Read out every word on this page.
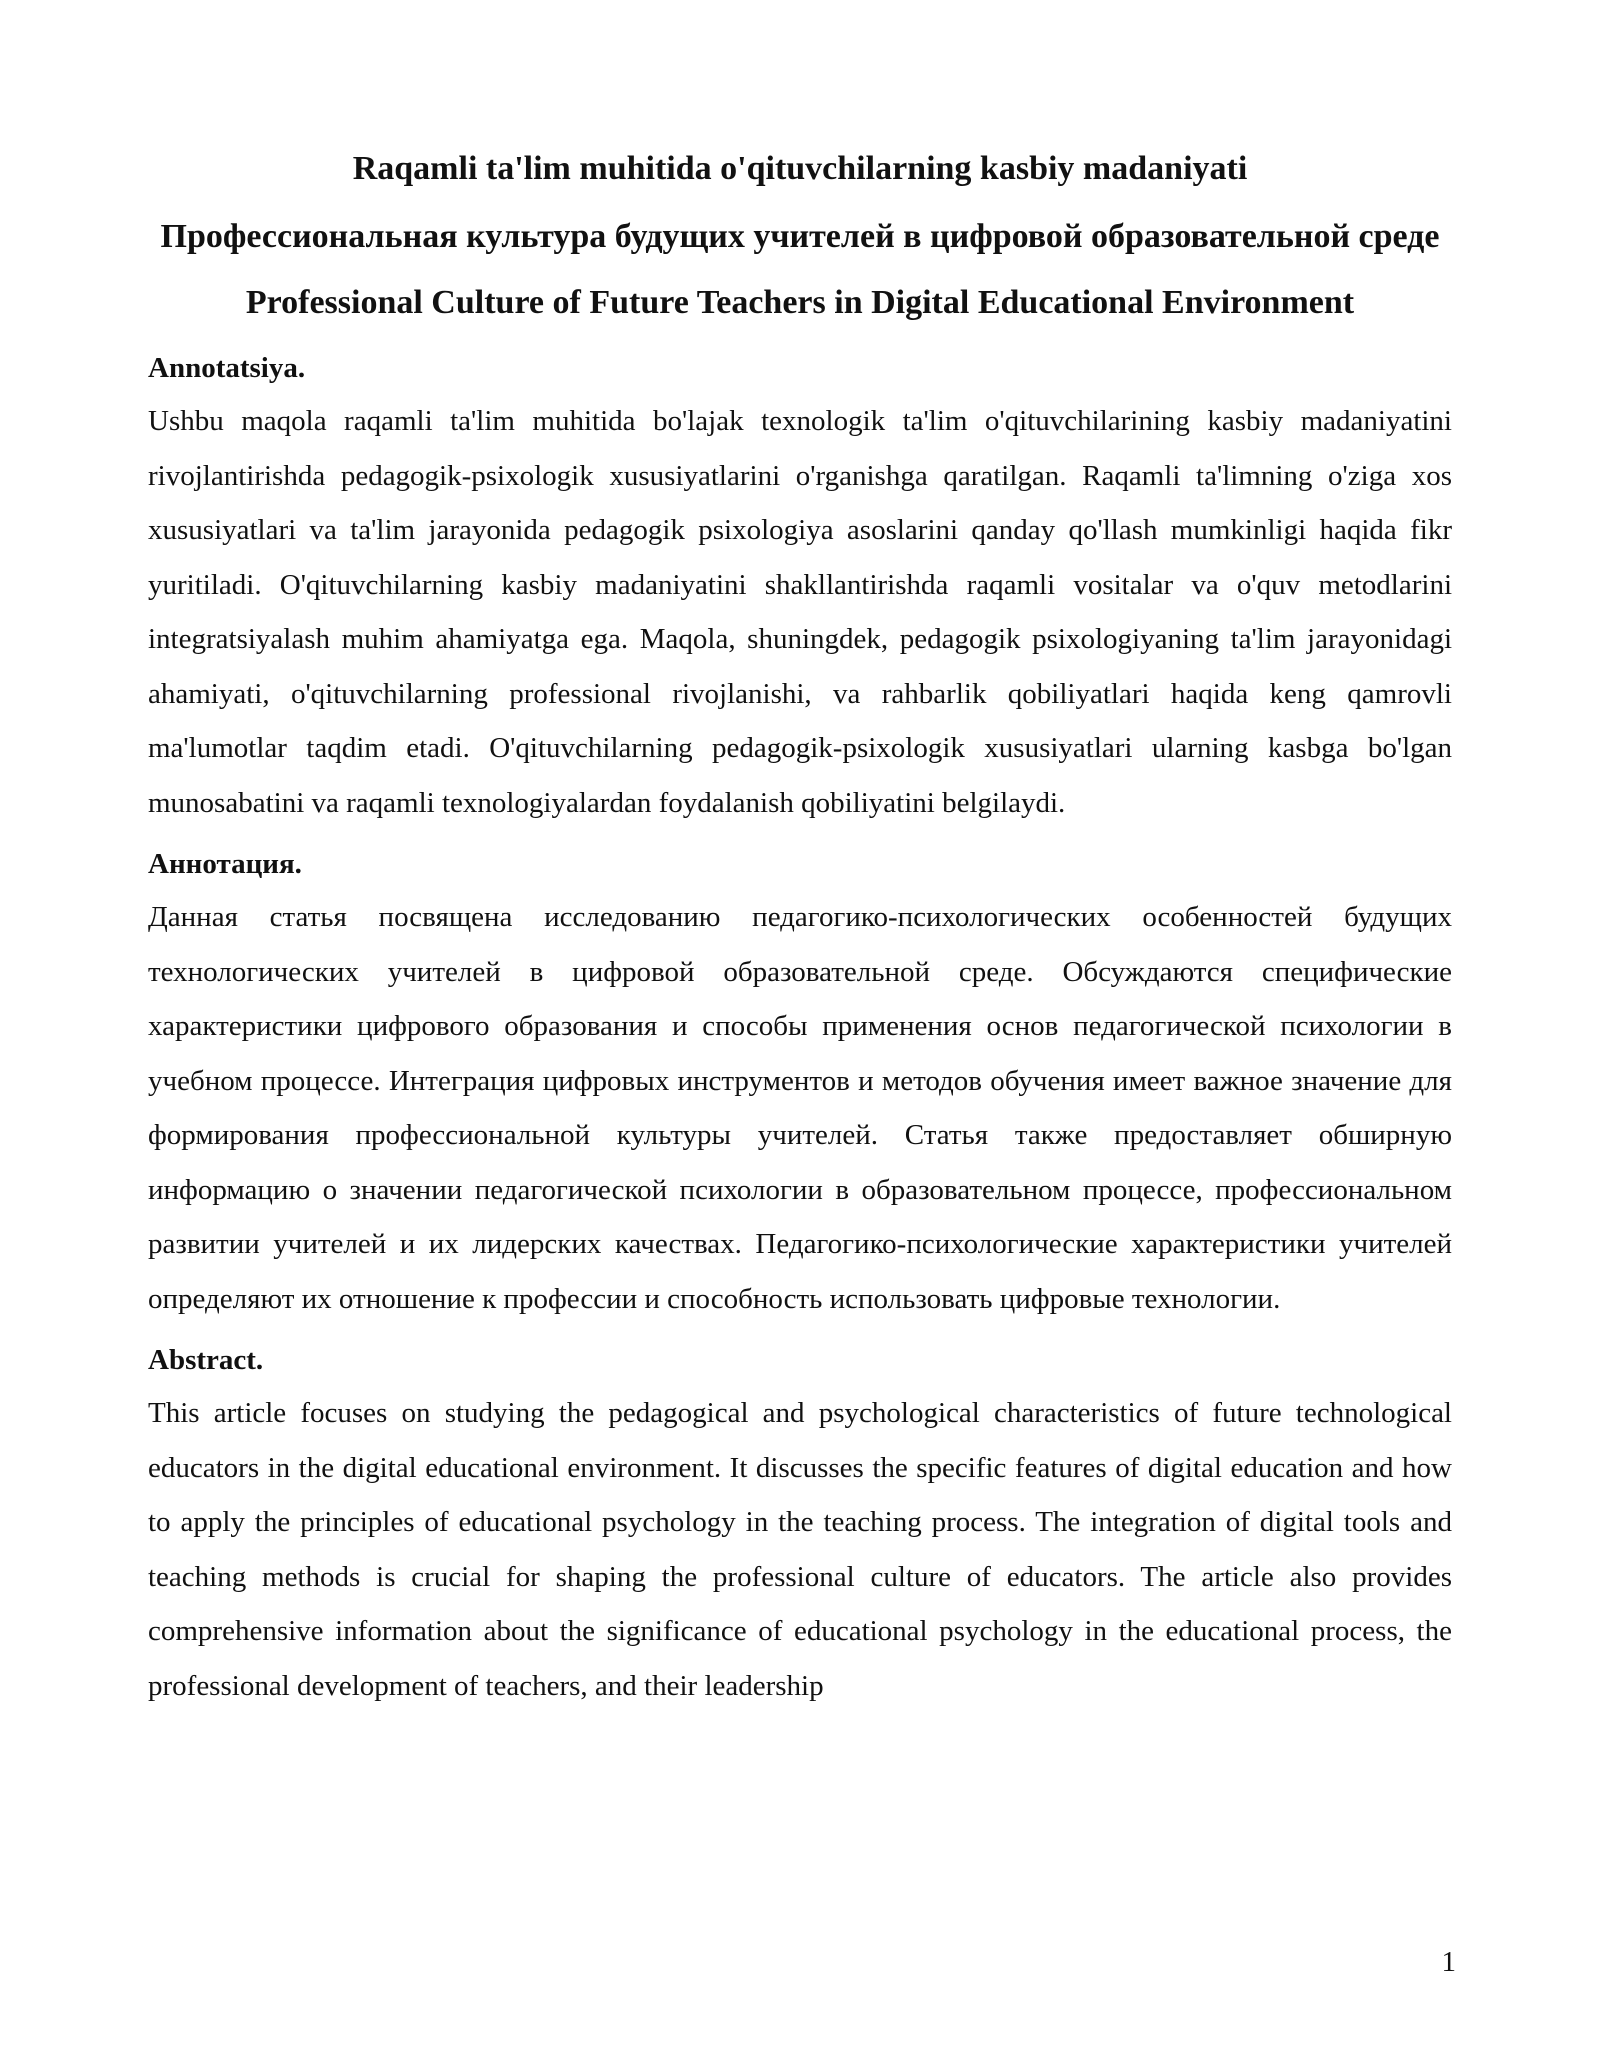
Raqamli ta'lim muhitida o'qituvchilarning kasbiy madaniyati
Профессиональная культура будущих учителей в цифровой образовательной среде
Professional Culture of Future Teachers in Digital Educational Environment
Annotatsiya.

Ushbu maqola raqamli ta'lim muhitida bo'lajak texnologik ta'lim o'qituvchilarining kasbiy madaniyatini rivojlantirishda pedagogik-psixologik xususiyatlarini o'rganishga qaratilgan. Raqamli ta'limning o'ziga xos xususiyatlari va ta'lim jarayonida pedagogik psixologiya asoslarini qanday qo'llash mumkinligi haqida fikr yuritiladi. O'qituvchilarning kasbiy madaniyatini shakllantirishda raqamli vositalar va o'quv metodlarini integratsiyalash muhim ahamiyatga ega. Maqola, shuningdek, pedagogik psixologiyaning ta'lim jarayonidagi ahamiyati, o'qituvchilarning professional rivojlanishi, va rahbarlik qobiliyatlari haqida keng qamrovli ma'lumotlar taqdim etadi. O'qituvchilarning pedagogik-psixologik xususiyatlari ularning kasbga bo'lgan munosabatini va raqamli texnologiyalardan foydalanish qobiliyatini belgilaydi.

Аннотация.

Данная статья посвящена исследованию педагогико-психологических особенностей будущих технологических учителей в цифровой образовательной среде. Обсуждаются специфические характеристики цифрового образования и способы применения основ педагогической психологии в учебном процессе. Интеграция цифровых инструментов и методов обучения имеет важное значение для формирования профессиональной культуры учителей. Статья также предоставляет обширную информацию о значении педагогической психологии в образовательном процессе, профессиональном развитии учителей и их лидерских качествах. Педагогико-психологические характеристики учителей определяют их отношение к профессии и способность использовать цифровые технологии.

Abstract.

This article focuses on studying the pedagogical and psychological characteristics of future technological educators in the digital educational environment. It discusses the specific features of digital education and how to apply the principles of educational psychology in the teaching process. The integration of digital tools and teaching methods is crucial for shaping the professional culture of educators. The article also provides comprehensive information about the significance of educational psychology in the educational process, the professional development of teachers, and their leadership

1
